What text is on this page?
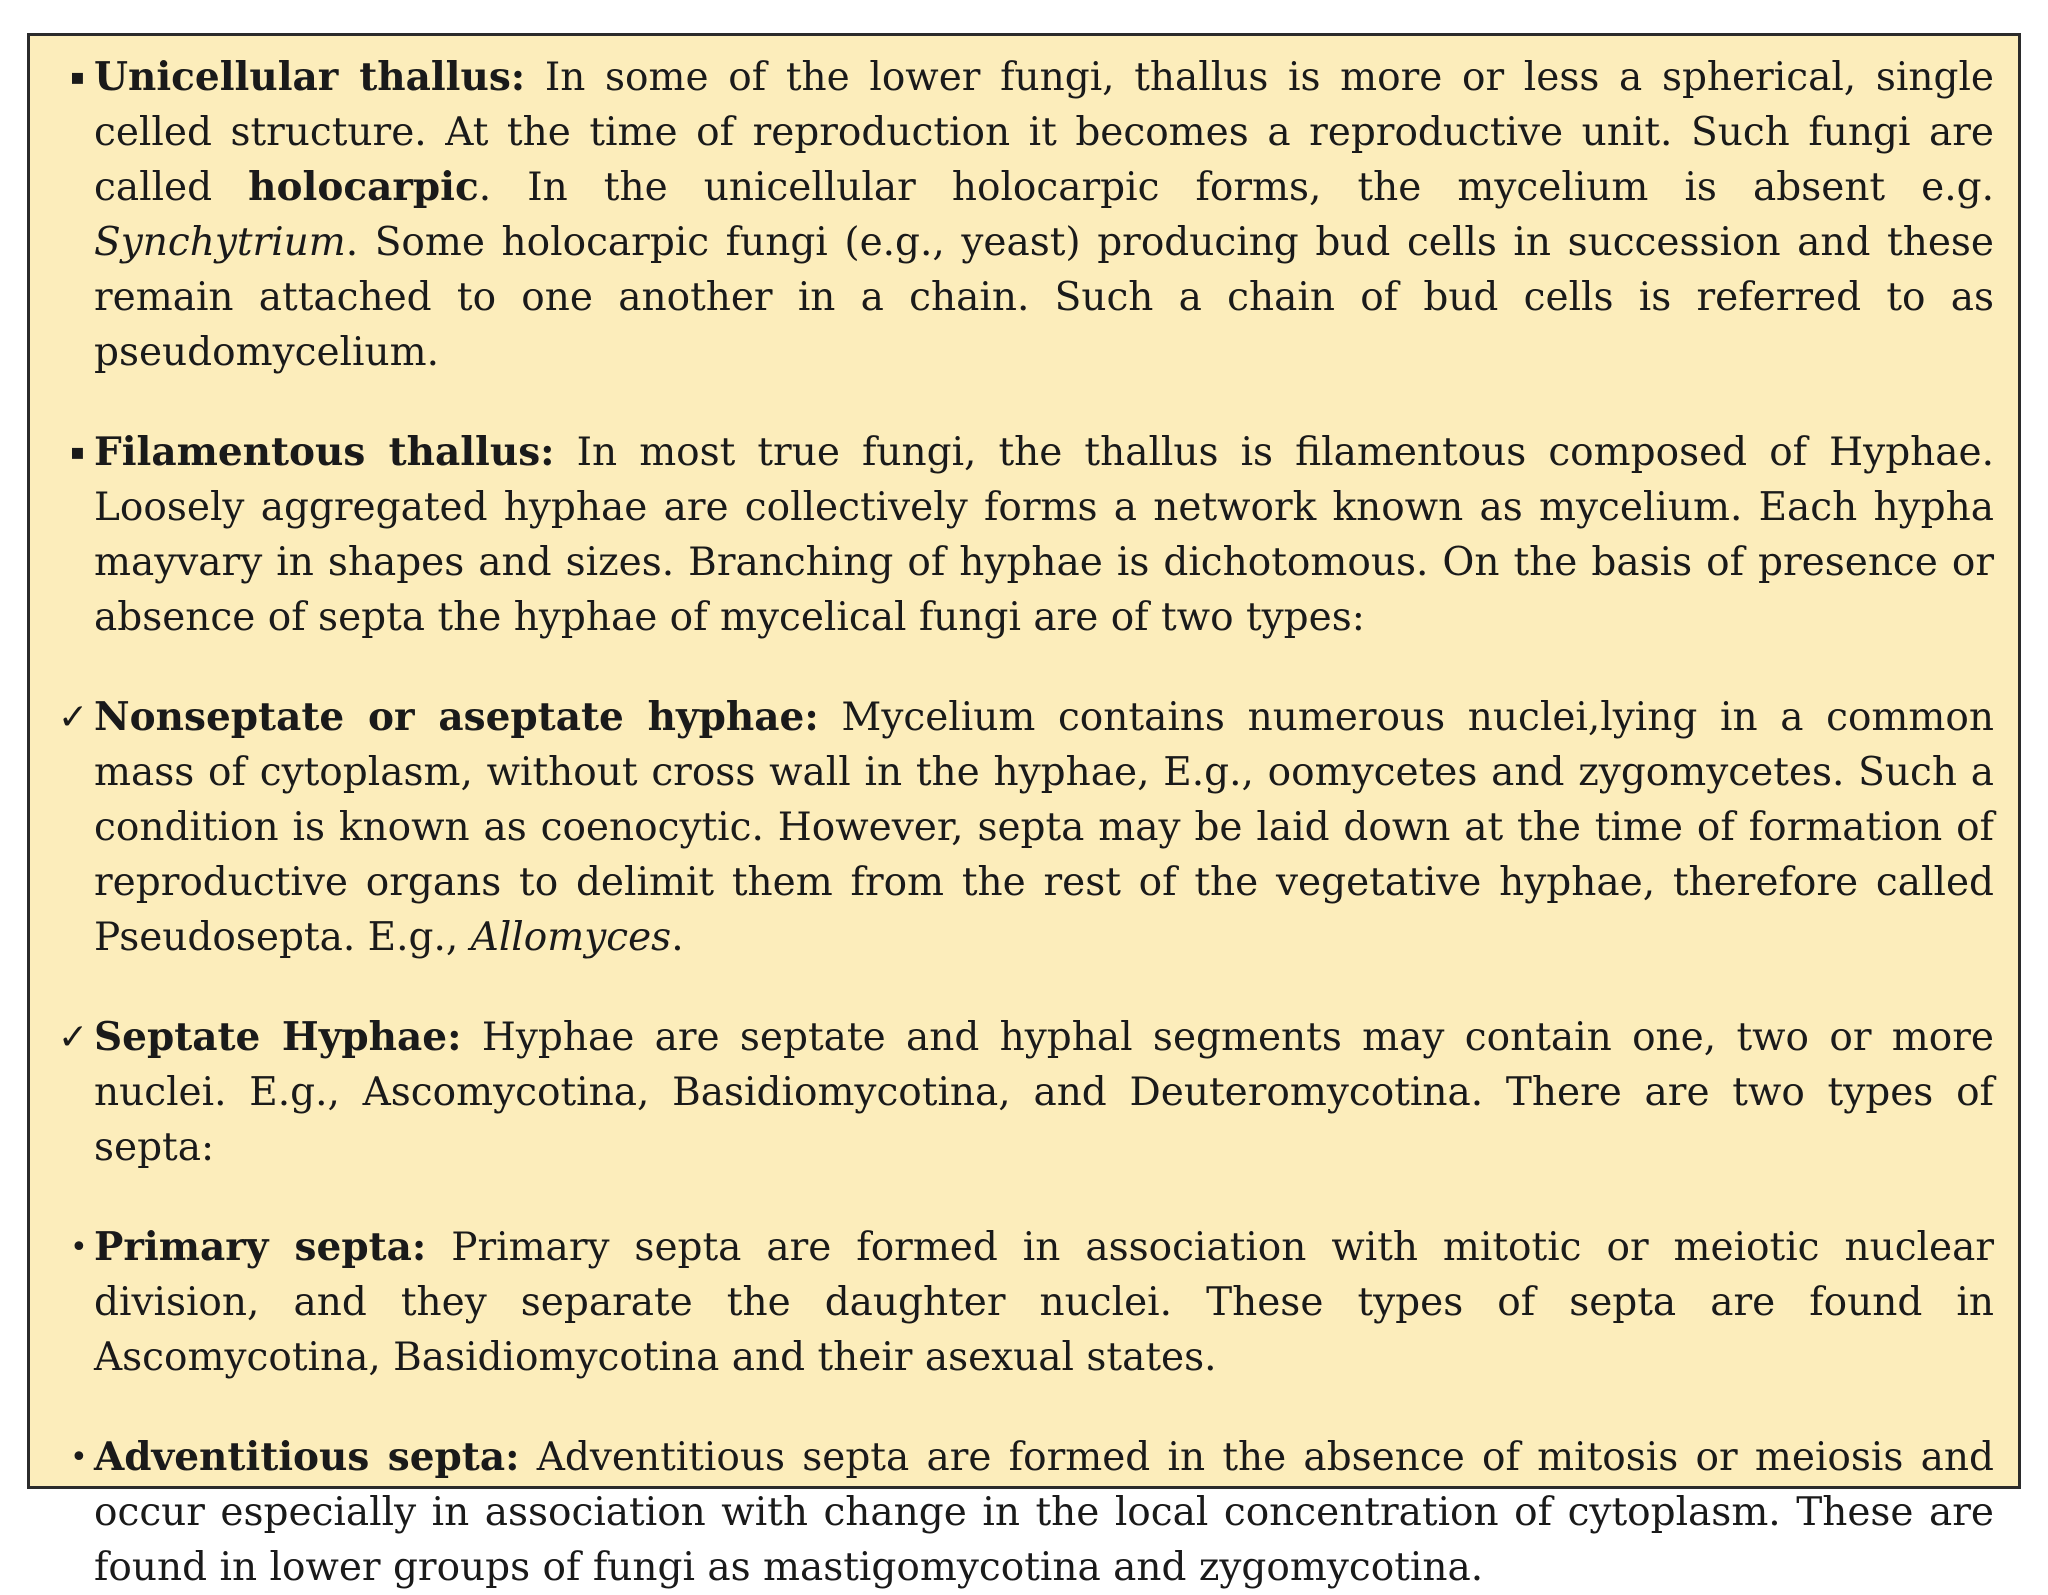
▪ Unicellular thallus: In some of the lower fungi, thallus is more or less a spherical, single celled structure. At the time of reproduction it becomes a reproductive unit. Such fungi are called holocarpic. In the unicellular holocarpic forms, the mycelium is absent e.g. Synchytrium. Some holocarpic fungi (e.g., yeast) producing bud cells in succession and these remain attached to one another in a chain. Such a chain of bud cells is referred to as pseudomycelium.
▪ Filamentous thallus: In most true fungi, the thallus is filamentous composed of Hyphae. Loosely aggregated hyphae are collectively forms a network known as mycelium. Each hypha mayvary in shapes and sizes. Branching of hyphae is dichotomous. On the basis of presence or absence of septa the hyphae of mycelical fungi are of two types:
✓ Nonseptate or aseptate hyphae: Mycelium contains numerous nuclei,lying in a common mass of cytoplasm, without cross wall in the hyphae, E.g., oomycetes and zygomycetes. Such a condition is known as coenocytic. However, septa may be laid down at the time of formation of reproductive organs to delimit them from the rest of the vegetative hyphae, therefore called Pseudosepta. E.g., Allomyces.
✓ Septate Hyphae: Hyphae are septate and hyphal segments may contain one, two or more nuclei. E.g., Ascomycotina, Basidiomycotina, and Deuteromycotina. There are two types of septa:
• Primary septa: Primary septa are formed in association with mitotic or meiotic nuclear division, and they separate the daughter nuclei. These types of septa are found in Ascomycotina, Basidiomycotina and their asexual states.
• Adventitious septa: Adventitious septa are formed in the absence of mitosis or meiosis and occur especially in association with change in the local concentration of cytoplasm. These are found in lower groups of fungi as mastigomycotina and zygomycotina.
